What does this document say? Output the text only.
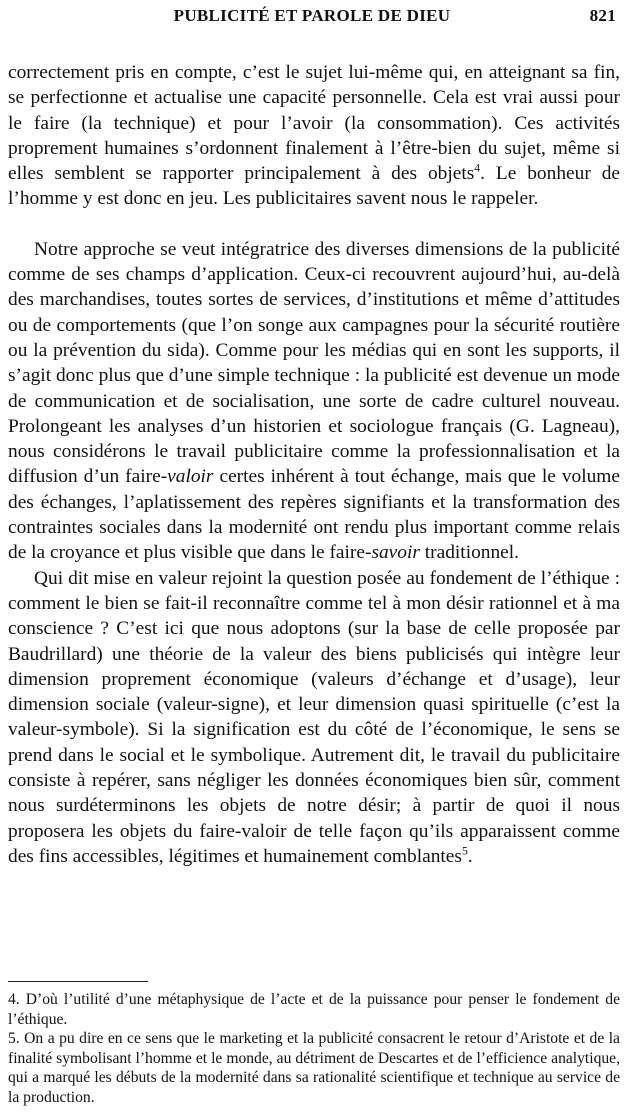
PUBLICITÉ ET PAROLE DE DIEU	821

correctement pris en compte, c’est le sujet lui-même qui, en atteignant sa fin, se perfectionne et actualise une capacité personnelle. Cela est vrai aussi pour le faire (la technique) et pour l’avoir (la consommation). Ces activités proprement humaines s’ordonnent finalement à l’être-bien du sujet, même si elles semblent se rapporter principalement à des objets$^4$. Le bonheur de l’homme y est donc en jeu. Les publicitaires savent nous le rappeler.

Notre approche se veut intégratrice des diverses dimensions de la publicité comme de ses champs d’application. Ceux-ci recouvrent aujourd’hui, au-delà des marchandises, toutes sortes de services, d’institutions et même d’attitudes ou de comportements (que l’on songe aux campagnes pour la sécurité routière ou la prévention du sida). Comme pour les médias qui en sont les supports, il s’agit donc plus que d’une simple technique : la publicité est devenue un mode de communication et de socialisation, une sorte de cadre culturel nouveau. Prolongeant les analyses d’un historien et sociologue français (G. Lagneau), nous considérons le travail publicitaire comme la professionnalisation et la diffusion d’un faire-valoir certes inhérent à tout échange, mais que le volume des échanges, l’aplatissement des repères signifiants et la transformation des contraintes sociales dans la modernité ont rendu plus important comme relais de la croyance et plus visible que dans le faire-savoir traditionnel.

Qui dit mise en valeur rejoint la question posée au fondement de l’éthique : comment le bien se fait-il reconnaître comme tel à mon désir rationnel et à ma conscience ? C’est ici que nous adoptons (sur la base de celle proposée par Baudrillard) une théorie de la valeur des biens publicisés qui intègre leur dimension proprement économique (valeurs d’échange et d’usage), leur dimension sociale (valeur-signe), et leur dimension quasi spirituelle (c’est la valeur-symbole). Si la signification est du côté de l’économique, le sens se prend dans le social et le symbolique. Autrement dit, le travail du publicitaire consiste à repérer, sans négliger les données économiques bien sûr, comment nous surdéterminons les objets de notre désir; à partir de quoi il nous proposera les objets du faire-valoir de telle façon qu’ils apparaissent comme des fins accessibles, légitimes et humainement comblantes$^5$.

4. D’où l’utilité d’une métaphysique de l’acte et de la puissance pour penser le fondement de l’éthique.

5. On a pu dire en ce sens que le marketing et la publicité consacrent le retour d’Aristote et de la finalité symbolisant l’homme et le monde, au détriment de Descartes et de l’efficience analytique, qui a marqué les débuts de la modernité dans sa rationalité scientifique et technique au service de la production.
